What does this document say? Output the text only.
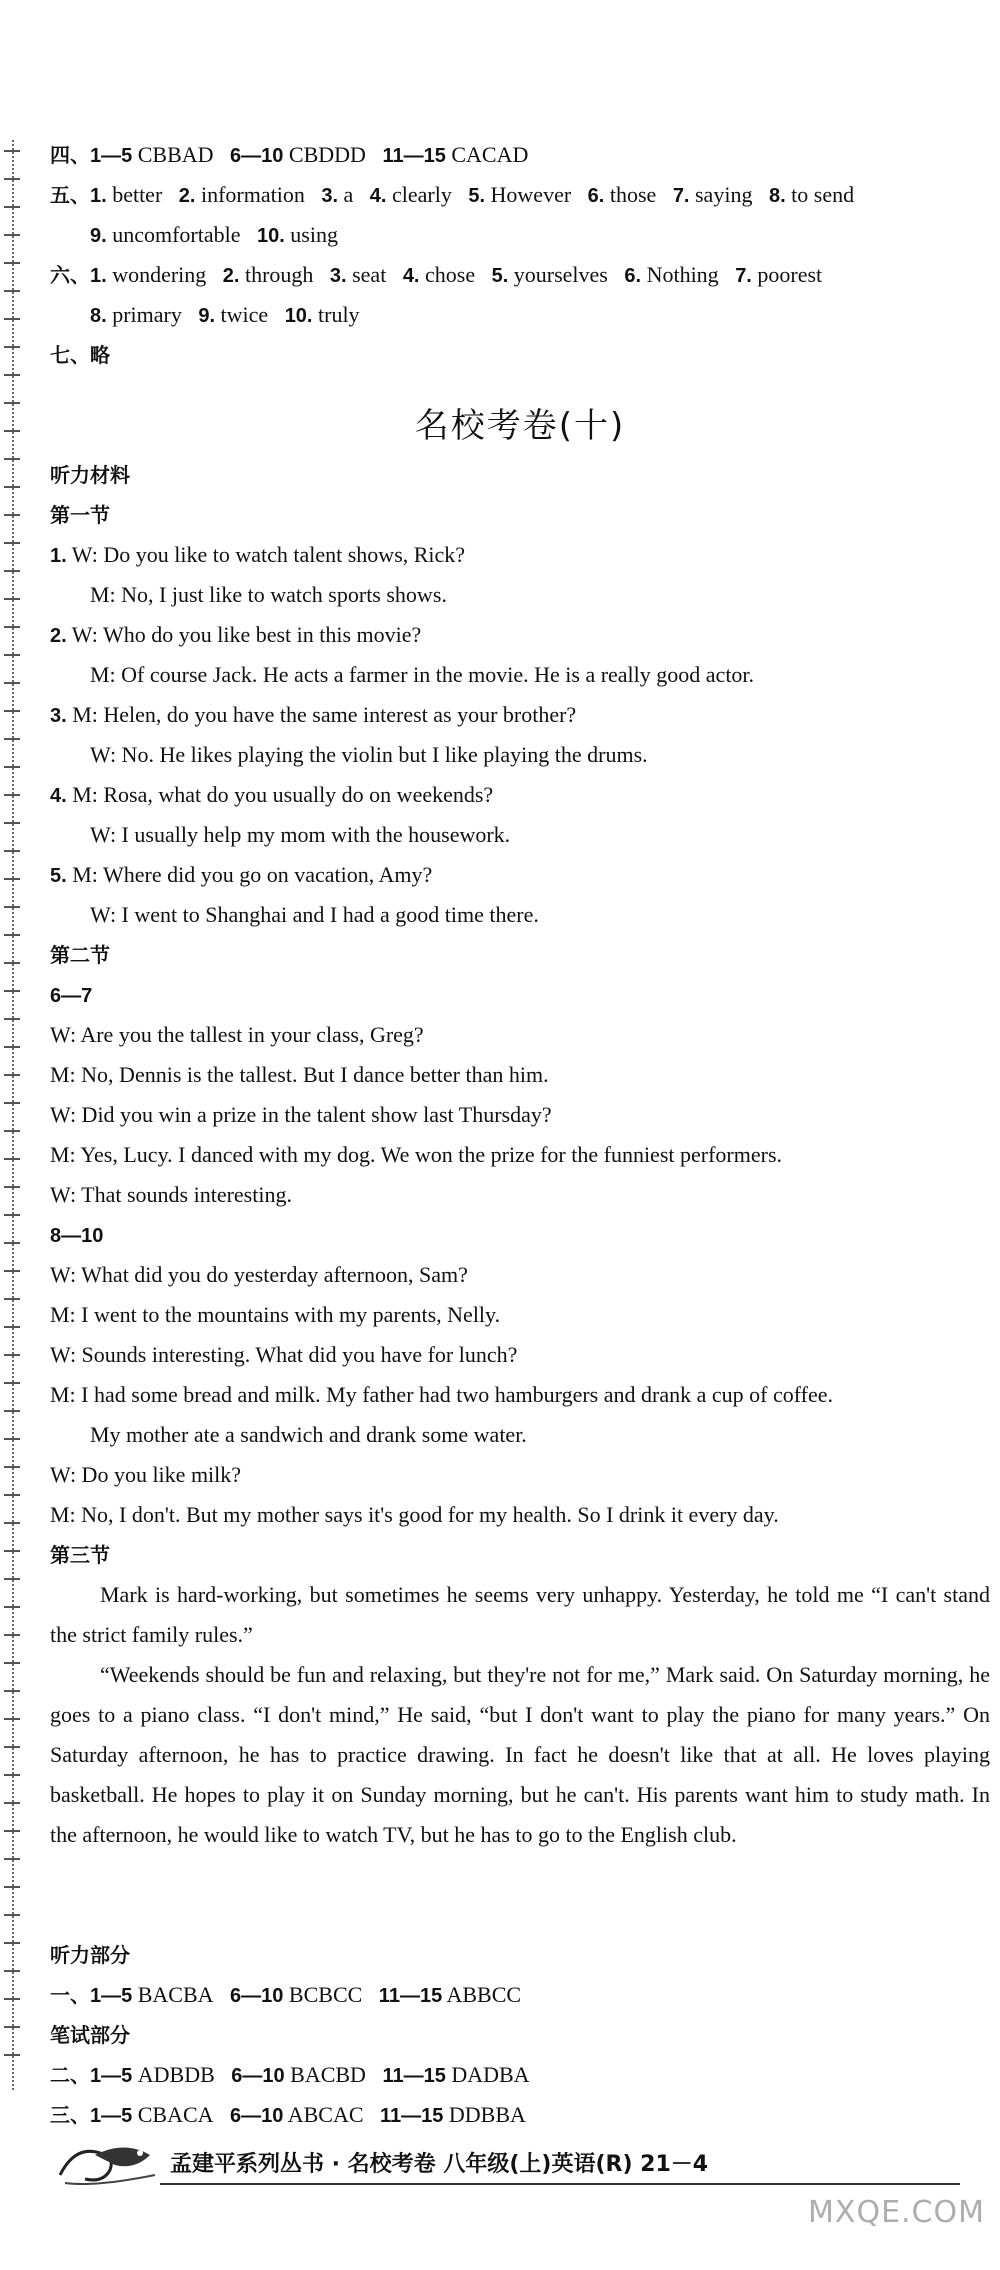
四、1—5 CBBAD 6—10 CBDDD 11—15 CACAD
五、1. better 2. information 3. a 4. clearly 5. However 6. those 7. saying 8. to send
9. uncomfortable 10. using
六、1. wondering 2. through 3. seat 4. chose 5. yourselves 6. Nothing 7. poorest
8. primary 9. twice 10. truly
七、略
名校考卷(十)
听力材料
第一节
1. W: Do you like to watch talent shows, Rick?
M: No, I just like to watch sports shows.
2. W: Who do you like best in this movie?
M: Of course Jack. He acts a farmer in the movie. He is a really good actor.
3. M: Helen, do you have the same interest as your brother?
W: No. He likes playing the violin but I like playing the drums.
4. M: Rosa, what do you usually do on weekends?
W: I usually help my mom with the housework.
5. M: Where did you go on vacation, Amy?
W: I went to Shanghai and I had a good time there.
第二节
6—7
W: Are you the tallest in your class, Greg?
M: No, Dennis is the tallest. But I dance better than him.
W: Did you win a prize in the talent show last Thursday?
M: Yes, Lucy. I danced with my dog. We won the prize for the funniest performers.
W: That sounds interesting.
8—10
W: What did you do yesterday afternoon, Sam?
M: I went to the mountains with my parents, Nelly.
W: Sounds interesting. What did you have for lunch?
M: I had some bread and milk. My father had two hamburgers and drank a cup of coffee.
My mother ate a sandwich and drank some water.
W: Do you like milk?
M: No, I don't. But my mother says it's good for my health. So I drink it every day.
第三节
Mark is hard-working, but sometimes he seems very unhappy. Yesterday, he told me “I can't stand the strict family rules.”
“Weekends should be fun and relaxing, but they're not for me,” Mark said. On Saturday morning, he goes to a piano class. “I don't mind,” He said, “but I don't want to play the piano for many years.” On Saturday afternoon, he has to practice drawing. In fact he doesn't like that at all. He loves playing basketball. He hopes to play it on Sunday morning, but he can't. His parents want him to study math. In the afternoon, he would like to watch TV, but he has to go to the English club.
听力部分
一、1—5 BACBA 6—10 BCBCC 11—15 ABBCC
笔试部分
二、1—5 ADBDB 6—10 BACBD 11—15 DADBA
三、1—5 CBACA 6—10 ABCAC 11—15 DDBBA
孟建平系列丛书 · 名校考卷 八年级(上)英语(R) 21－4
MXQE.COM
